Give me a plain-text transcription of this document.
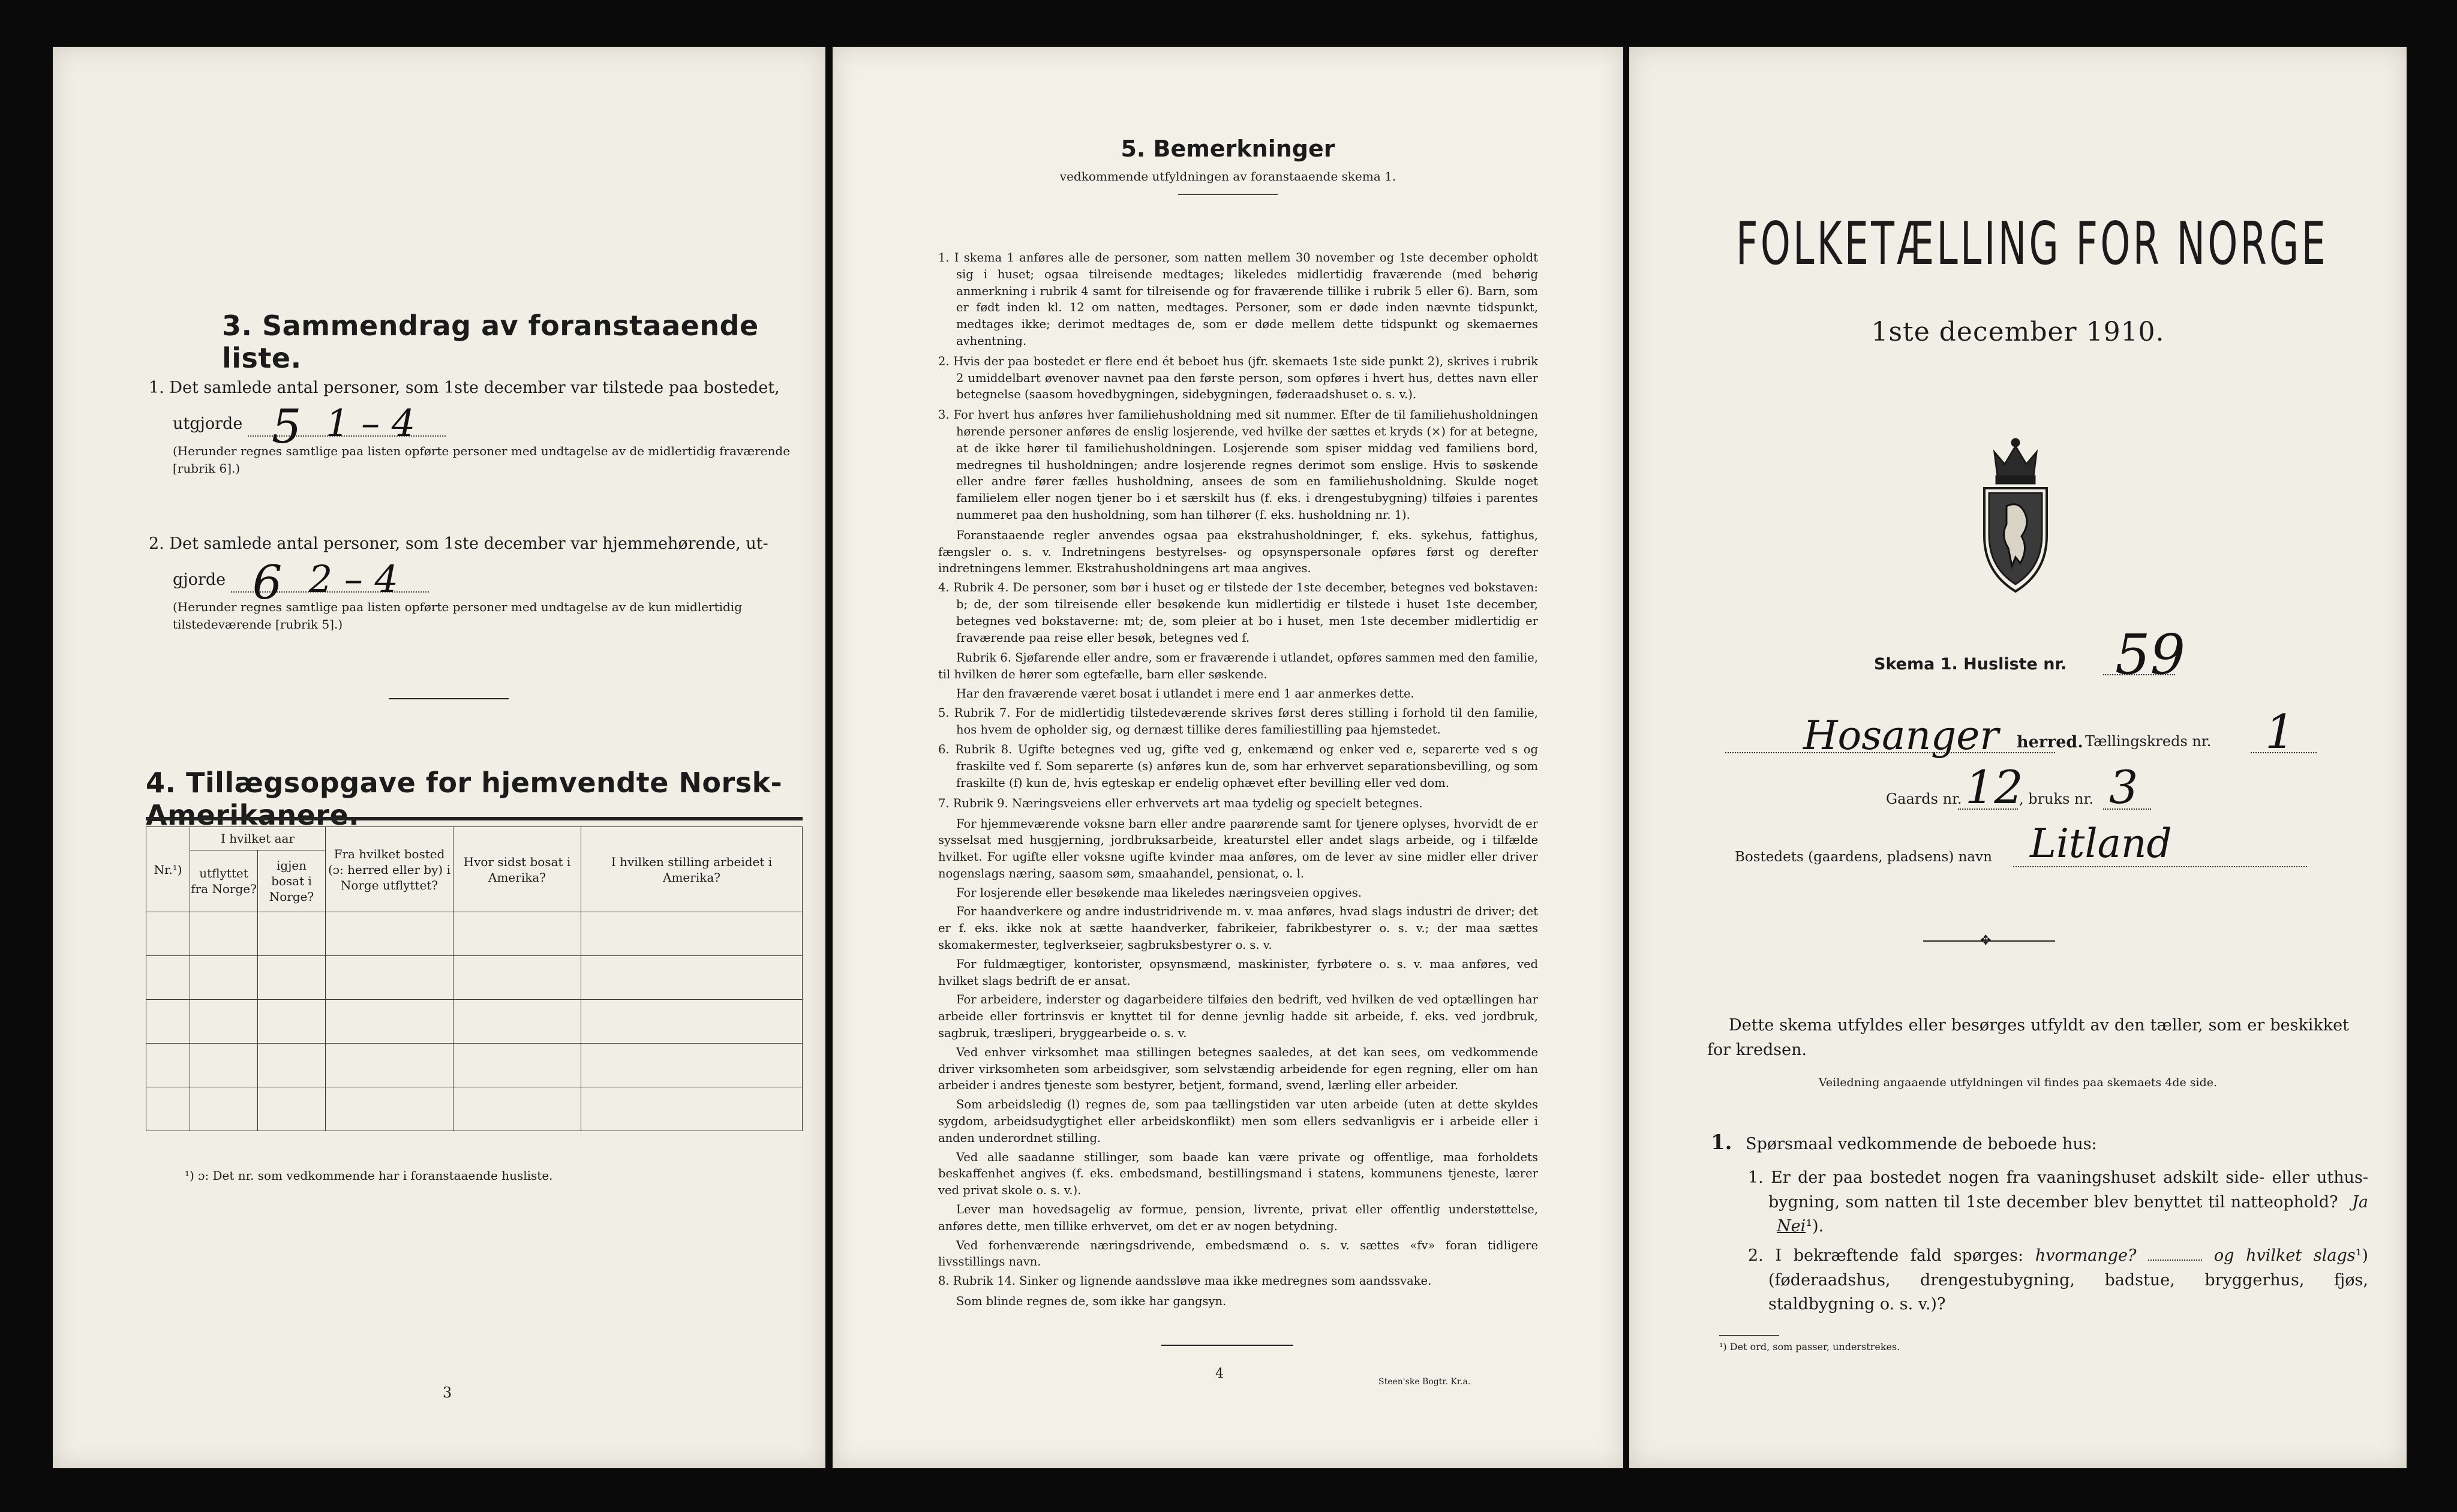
3. Sammendrag av foranstaaende liste.
1. Det samlede antal personer, som 1ste december var tilstede paa bostedet,
utgjorde 5 1 – 4
(Herunder regnes samtlige paa listen opførte personer med undtagelse av de midlertidig fraværende [rubrik 6].)
2. Det samlede antal personer, som 1ste december var hjemmehørende, ut-
gjorde 6 2 – 4
(Herunder regnes samtlige paa listen opførte personer med undtagelse av de kun midlertidig tilstedeværende [rubrik 5].)
4. Tillægsopgave for hjemvendte Norsk-Amerikanere.
Nr.¹)	I hvilket aar		Fra hvilket bosted (ɔ: herred eller by) i Norge utflyttet?	Hvor sidst bosat i Amerika?	I hvilken stilling arbeidet i Amerika?
	utflyttet fra Norge?	igjen bosat i Norge?			

¹) ɔ: Det nr. som vedkommende har i foranstaaende husliste.
3
5. Bemerkninger
vedkommende utfyldningen av foranstaaende skema 1.

1. I skema 1 anføres alle de personer, som natten mellem 30 november og 1ste december opholdt sig i huset; ogsaa tilreisende medtages; likeledes midlertidig fraværende (med behørig anmerkning i rubrik 4 samt for tilreisende og for fraværende tillike i rubrik 5 eller 6). Barn, som er født inden kl. 12 om natten, medtages. Personer, som er døde inden nævnte tidspunkt, medtages ikke; derimot medtages de, som er døde mellem dette tidspunkt og skemaernes avhentning.

2. Hvis der paa bostedet er flere end ét beboet hus (jfr. skemaets 1ste side punkt 2), skrives i rubrik 2 umiddelbart øvenover navnet paa den første person, som opføres i hvert hus, dettes navn eller betegnelse (saasom hovedbygningen, sidebygningen, føderaadshuset o. s. v.).

3. For hvert hus anføres hver familiehusholdning med sit nummer. Efter de til familiehusholdningen hørende personer anføres de enslig losjerende, ved hvilke der sættes et kryds (×) for at betegne, at de ikke hører til familiehusholdningen. Losjerende som spiser middag ved familiens bord, medregnes til husholdningen; andre losjerende regnes derimot som enslige. Hvis to søskende eller andre fører fælles husholdning, ansees de som en familiehusholdning. Skulde noget familielem eller nogen tjener bo i et særskilt hus (f. eks. i drengestubygning) tilføies i parentes nummeret paa den husholdning, som han tilhører (f. eks. husholdning nr. 1).

Foranstaaende regler anvendes ogsaa paa ekstrahusholdninger, f. eks. sykehus, fattighus, fængsler o. s. v. Indretningens bestyrelses- og opsynspersonale opføres først og derefter indretningens lemmer. Ekstrahusholdningens art maa angives.

4. Rubrik 4. De personer, som bør i huset og er tilstede der 1ste december, betegnes ved bokstaven: b; de, der som tilreisende eller besøkende kun midlertidig er tilstede i huset 1ste december, betegnes ved bokstaverne: mt; de, som pleier at bo i huset, men 1ste december midlertidig er fraværende paa reise eller besøk, betegnes ved f.

Rubrik 6. Sjøfarende eller andre, som er fraværende i utlandet, opføres sammen med den familie, til hvilken de hører som egtefælle, barn eller søskende.

Har den fraværende været bosat i utlandet i mere end 1 aar anmerkes dette.

5. Rubrik 7. For de midlertidig tilstedeværende skrives først deres stilling i forhold til den familie, hos hvem de opholder sig, og dernæst tillike deres familiestilling paa hjemstedet.

6. Rubrik 8. Ugifte betegnes ved ug, gifte ved g, enkemænd og enker ved e, separerte ved s og fraskilte ved f. Som separerte (s) anføres kun de, som har erhvervet separationsbevilling, og som fraskilte (f) kun de, hvis egteskap er endelig ophævet efter bevilling eller ved dom.

7. Rubrik 9. Næringsveiens eller erhvervets art maa tydelig og specielt betegnes.

For hjemmeværende voksne barn eller andre paarørende samt for tjenere oplyses, hvorvidt de er sysselsat med husgjerning, jordbruksarbeide, kreaturstel eller andet slags arbeide, og i tilfælde hvilket. For ugifte eller voksne ugifte kvinder maa anføres, om de lever av sine midler eller driver nogenslags næring, saasom søm, smaahandel, pensionat, o. l.

For losjerende eller besøkende maa likeledes næringsveien opgives.

For haandverkere og andre industridrivende m. v. maa anføres, hvad slags industri de driver; det er f. eks. ikke nok at sætte haandverker, fabrikeier, fabrikbestyrer o. s. v.; der maa sættes skomakermester, teglverkseier, sagbruksbestyrer o. s. v.

For fuldmægtiger, kontorister, opsynsmænd, maskinister, fyrbøtere o. s. v. maa anføres, ved hvilket slags bedrift de er ansat.

For arbeidere, inderster og dagarbeidere tilføies den bedrift, ved hvilken de ved optællingen har arbeide eller fortrinsvis er knyttet til for denne jevnlig hadde sit arbeide, f. eks. ved jordbruk, sagbruk, træsliperi, bryggearbeide o. s. v.

Ved enhver virksomhet maa stillingen betegnes saaledes, at det kan sees, om vedkommende driver virksomheten som arbeidsgiver, som selvstændig arbeidende for egen regning, eller om han arbeider i andres tjeneste som bestyrer, betjent, formand, svend, lærling eller arbeider.

Som arbeidsledig (l) regnes de, som paa tællingstiden var uten arbeide (uten at dette skyldes sygdom, arbeidsudygtighet eller arbeidskonflikt) men som ellers sedvanligvis er i arbeide eller i anden underordnet stilling.

Ved alle saadanne stillinger, som baade kan være private og offentlige, maa forholdets beskaffenhet angives (f. eks. embedsmand, bestillingsmand i statens, kommunens tjeneste, lærer ved privat skole o. s. v.).

Lever man hovedsagelig av formue, pension, livrente, privat eller offentlig understøttelse, anføres dette, men tillike erhvervet, om det er av nogen betydning.

Ved forhenværende næringsdrivende, embedsmænd o. s. v. sættes «fv» foran tidligere livsstillings navn.

8. Rubrik 14. Sinker og lignende aandssløve maa ikke medregnes som aandssvake.

Som blinde regnes de, som ikke har gangsyn.

4
Steen'ske Bogtr. Kr.a.
FOLKETÆLLING FOR NORGE
1ste december 1910.
Skema 1. Husliste nr. 59
Hosanger herred. Tællingskreds nr. 1
Gaards nr. 12
, bruks nr. 3
Bostedets (gaardens, pladsens) navn Litland
✥
Dette skema utfyldes eller besørges utfyldt av den tæller, som er beskikket for kredsen.
Veiledning angaaende utfyldningen vil findes paa skemaets 4de side.
1. Spørsmaal vedkommende de beboede hus:
1. Er der paa bostedet nogen fra vaaningshuset adskilt side- eller uthus-bygning, som natten til 1ste december blev benyttet til natteophold? Ja Nei¹).
2. I bekræftende fald spørges: hvormange?	og hvilket slags¹) (føderaadshus, drengestubygning, badstue, bryggerhus, fjøs, staldbygning o. s. v.)?
¹) Det ord, som passer, understrekes.
